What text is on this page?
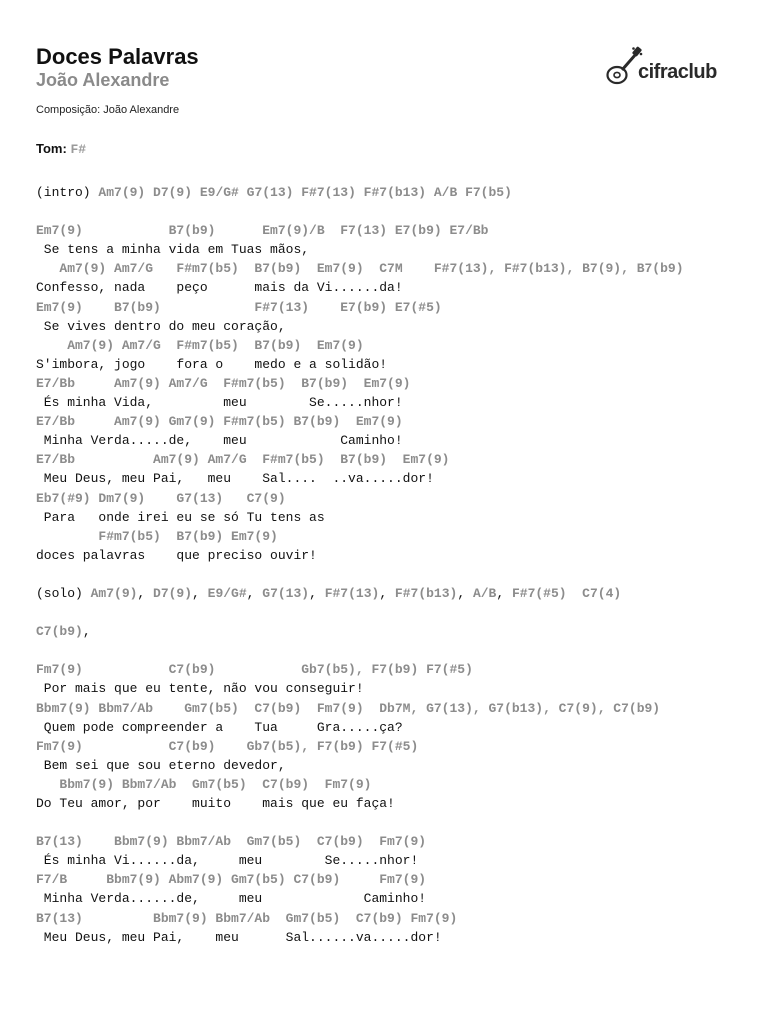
Doces Palavras
João Alexandre
Composição: João Alexandre
cifraclub
Tom: F#
(intro) Am7(9) D7(9) E9/G# G7(13) F#7(13) F#7(b13) A/B F7(b5)

Em7(9)           B7(b9)      Em7(9)/B  F7(13) E7(b9) E7/Bb
Se tens a minha vida em Tuas mãos,
Am7(9) Am7/G   F#m7(b5)  B7(b9)  Em7(9)  C7M    F#7(13), F#7(b13), B7(9), B7(b9)
Confesso, nada    peço      mais da Vi......da!
Em7(9)    B7(b9)            F#7(13)    E7(b9) E7(#5)
Se vives dentro do meu coração,
Am7(9) Am7/G  F#m7(b5)  B7(b9)  Em7(9)
S'imbora, jogo    fora o    medo e a solidão!
E7/Bb     Am7(9) Am7/G  F#m7(b5)  B7(b9)  Em7(9)
És minha Vida,         meu        Se.....nhor!
E7/Bb     Am7(9) Gm7(9) F#m7(b5) B7(b9)  Em7(9)
Minha Verda.....de,    meu            Caminho!
E7/Bb          Am7(9) Am7/G  F#m7(b5)  B7(b9)  Em7(9)
Meu Deus, meu Pai,   meu    Sal....  ..va.....dor!
Eb7(#9) Dm7(9)    G7(13)   C7(9)
Para   onde irei eu se só Tu tens as
F#m7(b5)  B7(b9) Em7(9)
doces palavras    que preciso ouvir!

(solo) Am7(9), D7(9), E9/G#, G7(13), F#7(13), F#7(b13), A/B, F#7(#5)  C7(4)

C7(b9),

Fm7(9)           C7(b9)           Gb7(b5), F7(b9) F7(#5)
Por mais que eu tente, não vou conseguir!
Bbm7(9) Bbm7/Ab    Gm7(b5)  C7(b9)  Fm7(9)  Db7M, G7(13), G7(b13), C7(9), C7(b9)
Quem pode compreender a    Tua     Gra.....ça?
Fm7(9)           C7(b9)    Gb7(b5), F7(b9) F7(#5)
Bem sei que sou eterno devedor,
Bbm7(9) Bbm7/Ab  Gm7(b5)  C7(b9)  Fm7(9)
Do Teu amor, por    muito    mais que eu faça!

B7(13)    Bbm7(9) Bbm7/Ab  Gm7(b5)  C7(b9)  Fm7(9)
És minha Vi......da,     meu        Se.....nhor!
F7/B     Bbm7(9) Abm7(9) Gm7(b5) C7(b9)     Fm7(9)
Minha Verda......de,     meu             Caminho!
B7(13)         Bbm7(9) Bbm7/Ab  Gm7(b5)  C7(b9) Fm7(9)
Meu Deus, meu Pai,    meu      Sal......va.....dor!
